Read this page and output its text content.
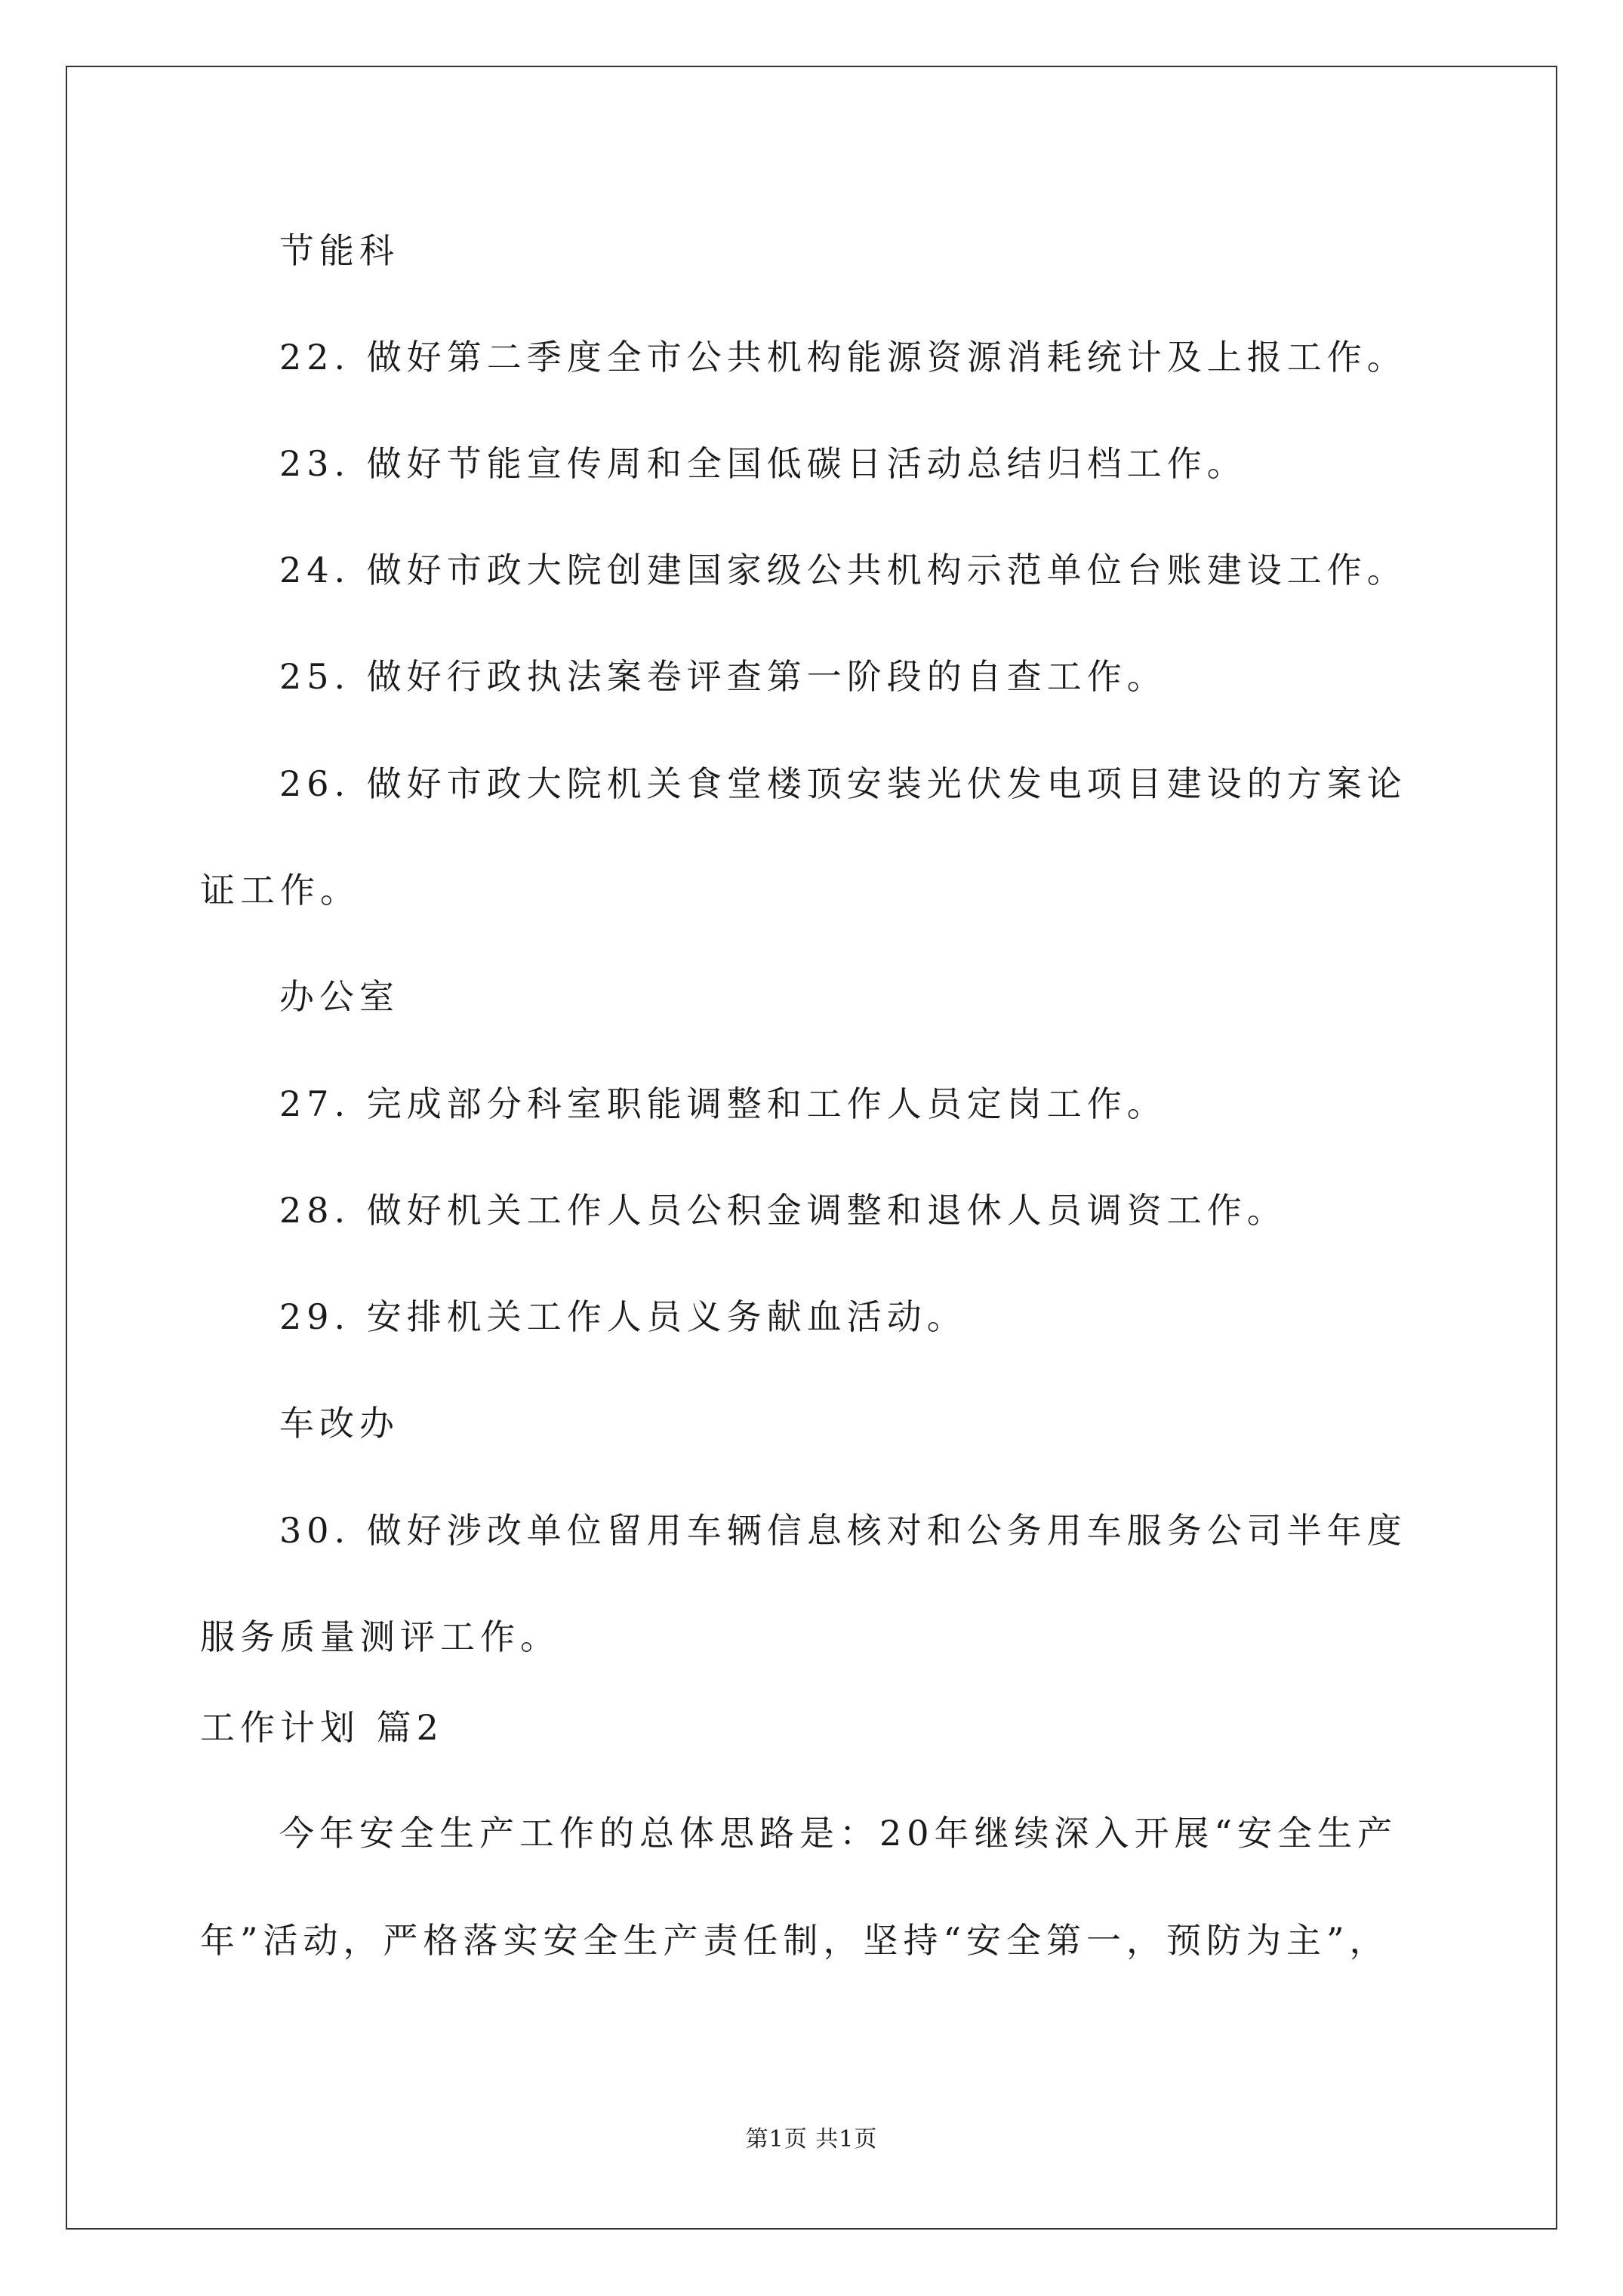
节能科
22. 做好第二季度全市公共机构能源资源消耗统计及上报工作。
23. 做好节能宣传周和全国低碳日活动总结归档工作。
24. 做好市政大院创建国家级公共机构示范单位台账建设工作。
25. 做好行政执法案卷评查第一阶段的自查工作。
26. 做好市政大院机关食堂楼顶安装光伏发电项目建设的方案论
证工作。
办公室
27. 完成部分科室职能调整和工作人员定岗工作。
28. 做好机关工作人员公积金调整和退休人员调资工作。
29. 安排机关工作人员义务献血活动。
车改办
30. 做好涉改单位留用车辆信息核对和公务用车服务公司半年度
服务质量测评工作。
工作计划 篇2
今年安全生产工作的总体思路是：20年继续深入开展“安全生产
年”活动，严格落实安全生产责任制，坚持“安全第一，预防为主”，
第1页 共1页
